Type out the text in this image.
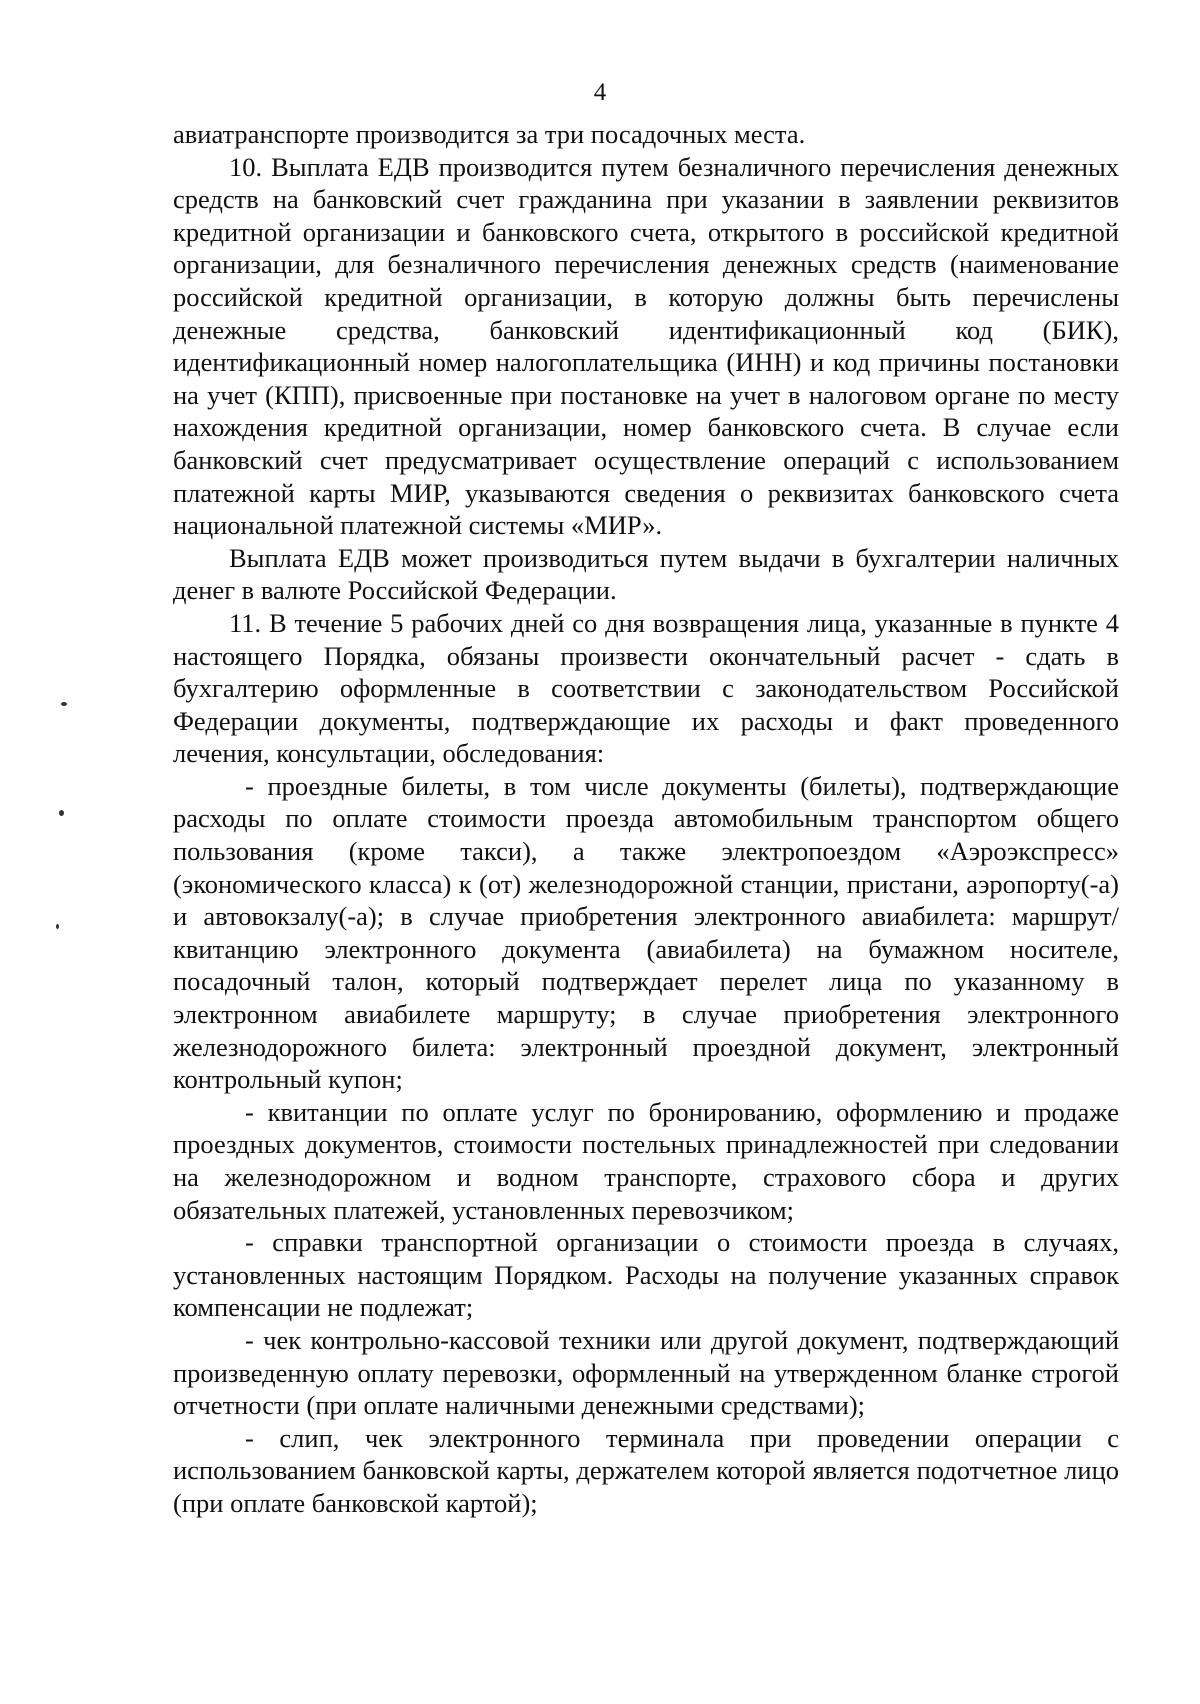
4

авиатранспорте производится за три посадочных места.

10. Выплата ЕДВ производится путем безналичного перечисления денежных средств на банковский счет гражданина при указании в заявлении реквизитов кредитной организации и банковского счета, открытого в российской кредитной организации, для безналичного перечисления денежных средств (наименование российской кредитной организации, в которую должны быть перечислены денежные средства, банковский идентификационный код (БИК), идентификационный номер налогоплательщика (ИНН) и код причины постановки на учет (КПП), присвоенные при постановке на учет в налоговом органе по месту нахождения кредитной организации, номер банковского счета. В случае если банковский счет предусматривает осуществление операций с использованием платежной карты МИР, указываются сведения о реквизитах банковского счета национальной платежной системы «МИР».

Выплата ЕДВ может производиться путем выдачи в бухгалтерии наличных денег в валюте Российской Федерации.

11. В течение 5 рабочих дней со дня возвращения лица, указанные в пункте 4 настоящего Порядка, обязаны произвести окончательный расчет - сдать в бухгалтерию оформленные в соответствии с законодательством Российской Федерации документы, подтверждающие их расходы и факт проведенного лечения, консультации, обследования:

- проездные билеты, в том числе документы (билеты), подтверждающие расходы по оплате стоимости проезда автомобильным транспортом общего пользования (кроме такси), а также электропоездом «Аэроэкспресс» (экономического класса) к (от) железнодорожной станции, пристани, аэропорту(-а) и автовокзалу(-а); в случае приобретения электронного авиабилета: маршрут/квитанцию электронного документа (авиабилета) на бумажном носителе, посадочный талон, который подтверждает перелет лица по указанному в электронном авиабилете маршруту; в случае приобретения электронного железнодорожного билета: электронный проездной документ, электронный контрольный купон;

- квитанции по оплате услуг по бронированию, оформлению и продаже проездных документов, стоимости постельных принадлежностей при следовании на железнодорожном и водном транспорте, страхового сбора и других обязательных платежей, установленных перевозчиком;

- справки транспортной организации о стоимости проезда в случаях, установленных настоящим Порядком. Расходы на получение указанных справок компенсации не подлежат;

- чек контрольно-кассовой техники или другой документ, подтверждающий произведенную оплату перевозки, оформленный на утвержденном бланке строгой отчетности (при оплате наличными денежными средствами);

- слип, чек электронного терминала при проведении операции с использованием банковской карты, держателем которой является подотчетное лицо (при оплате банковской картой);
